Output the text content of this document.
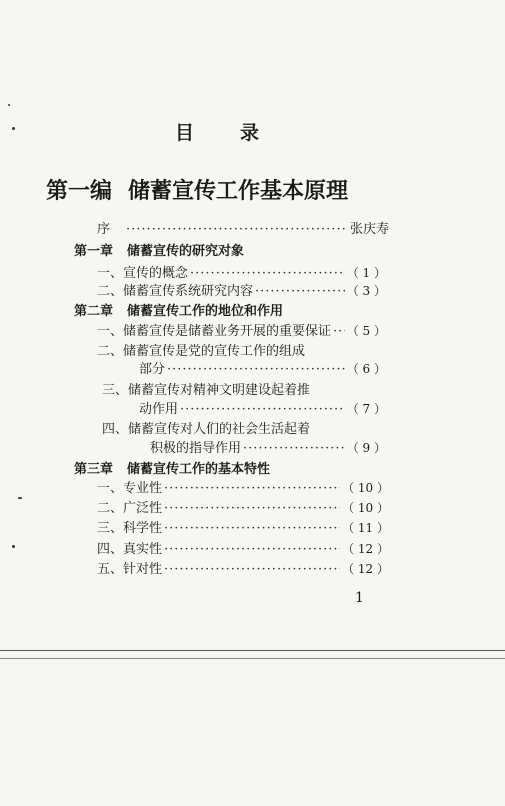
目 录
第一编 储蓄宣传工作基本原理
序 ·····	张庆寿
第一章 储蓄宣传的研究对象
一、 宣传的概念 ·····	（ 1 ）
二、 储蓄宣传系统研究内容 ·····	（ 3 ）
第二章 储蓄宣传工作的地位和作用
一、 储蓄宣传是储蓄业务开展的重要保证 ····· （ 5 ）
二、储蓄宣传是党的宣传工作的组成
部分 ·····	（ 6 ）
三、储蓄宣传对精神文明建设起着推
动作用 ·····	（ 7 ）
四、储蓄宣传对人们的社会生活起着
积极的指导作用 ·····	（ 9 ）
第三章 储蓄宣传工作的基本特性
一、 专业性 ·····	（ 10 ）
二、 广泛性 ·····	（ 10 ）
三、 科学性 ·····	（ 11 ）
四、 真实性 ·····	（ 12 ）
五、 针对性 ·····	（ 12 ）
1
